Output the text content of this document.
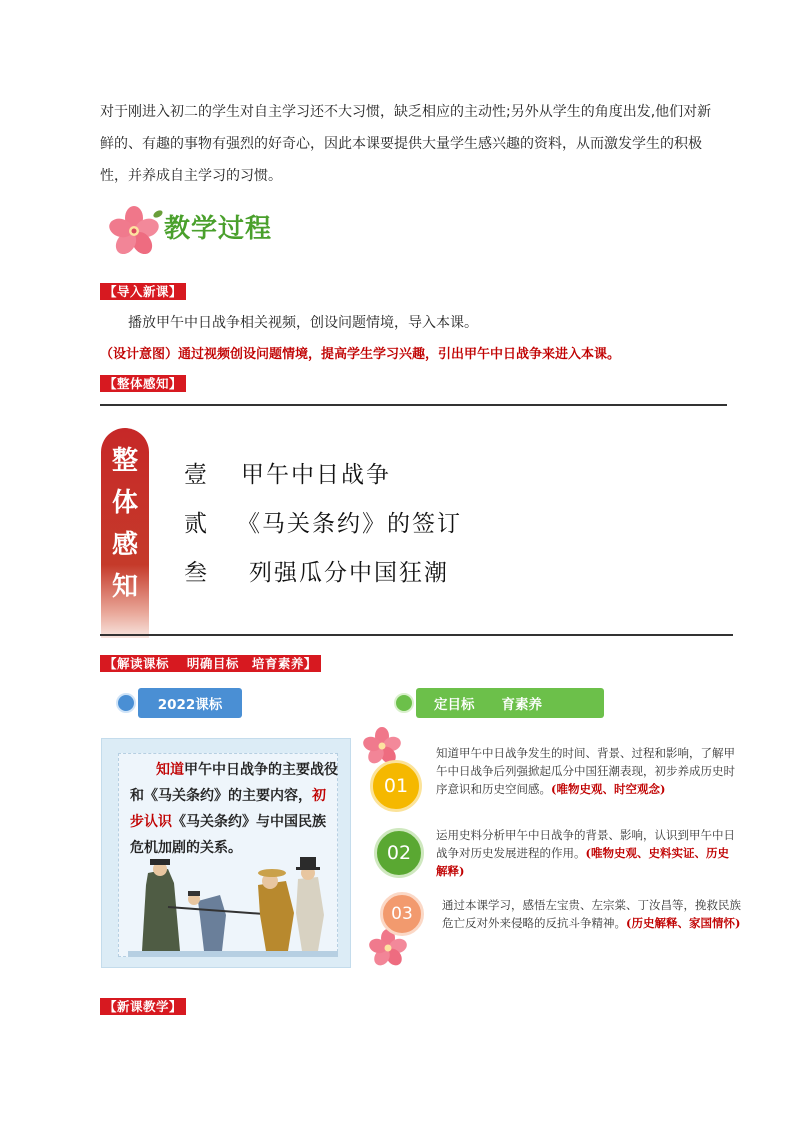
对于刚进入初二的学生对自主学习还不大习惯，缺乏相应的主动性;另外从学生的角度出发,他们对新鲜的、有趣的事物有强烈的好奇心，因此本课要提供大量学生感兴趣的资料，从而激发学生的积极性，并养成自主学习的习惯。
教学过程
【导入新课】
播放甲午中日战争相关视频，创设问题情境，导入本课。
（设计意图）通过视频创设问题情境，提高学生学习兴趣，引出甲午中日战争来进入本课。
【整体感知】
整
体
感
知
壹 甲午中日战争
贰 《马关条约》的签订
叁 列强瓜分中国狂潮
【解读课标　 明确目标　培育素养】
2022课标	定目标　　育素养
知道甲午中日战争的主要战役和《马关条约》的主要内容，初步认识《马关条约》与中国民族危机加剧的关系。
01
知道甲午中日战争发生的时间、背景、过程和影响，了解甲午中日战争后列强掀起瓜分中国狂潮表现，初步养成历史时序意识和历史空间感。(唯物史观、时空观念)
02
运用史料分析甲午中日战争的背景、影响，认识到甲午中日战争对历史发展进程的作用。(唯物史观、史料实证、历史解释)
03	通过本课学习，感悟左宝贵、左宗棠、丁汝昌等，挽救民族危亡反对外来侵略的反抗斗争精神。(历史解释、家国情怀)
【新课教学】
